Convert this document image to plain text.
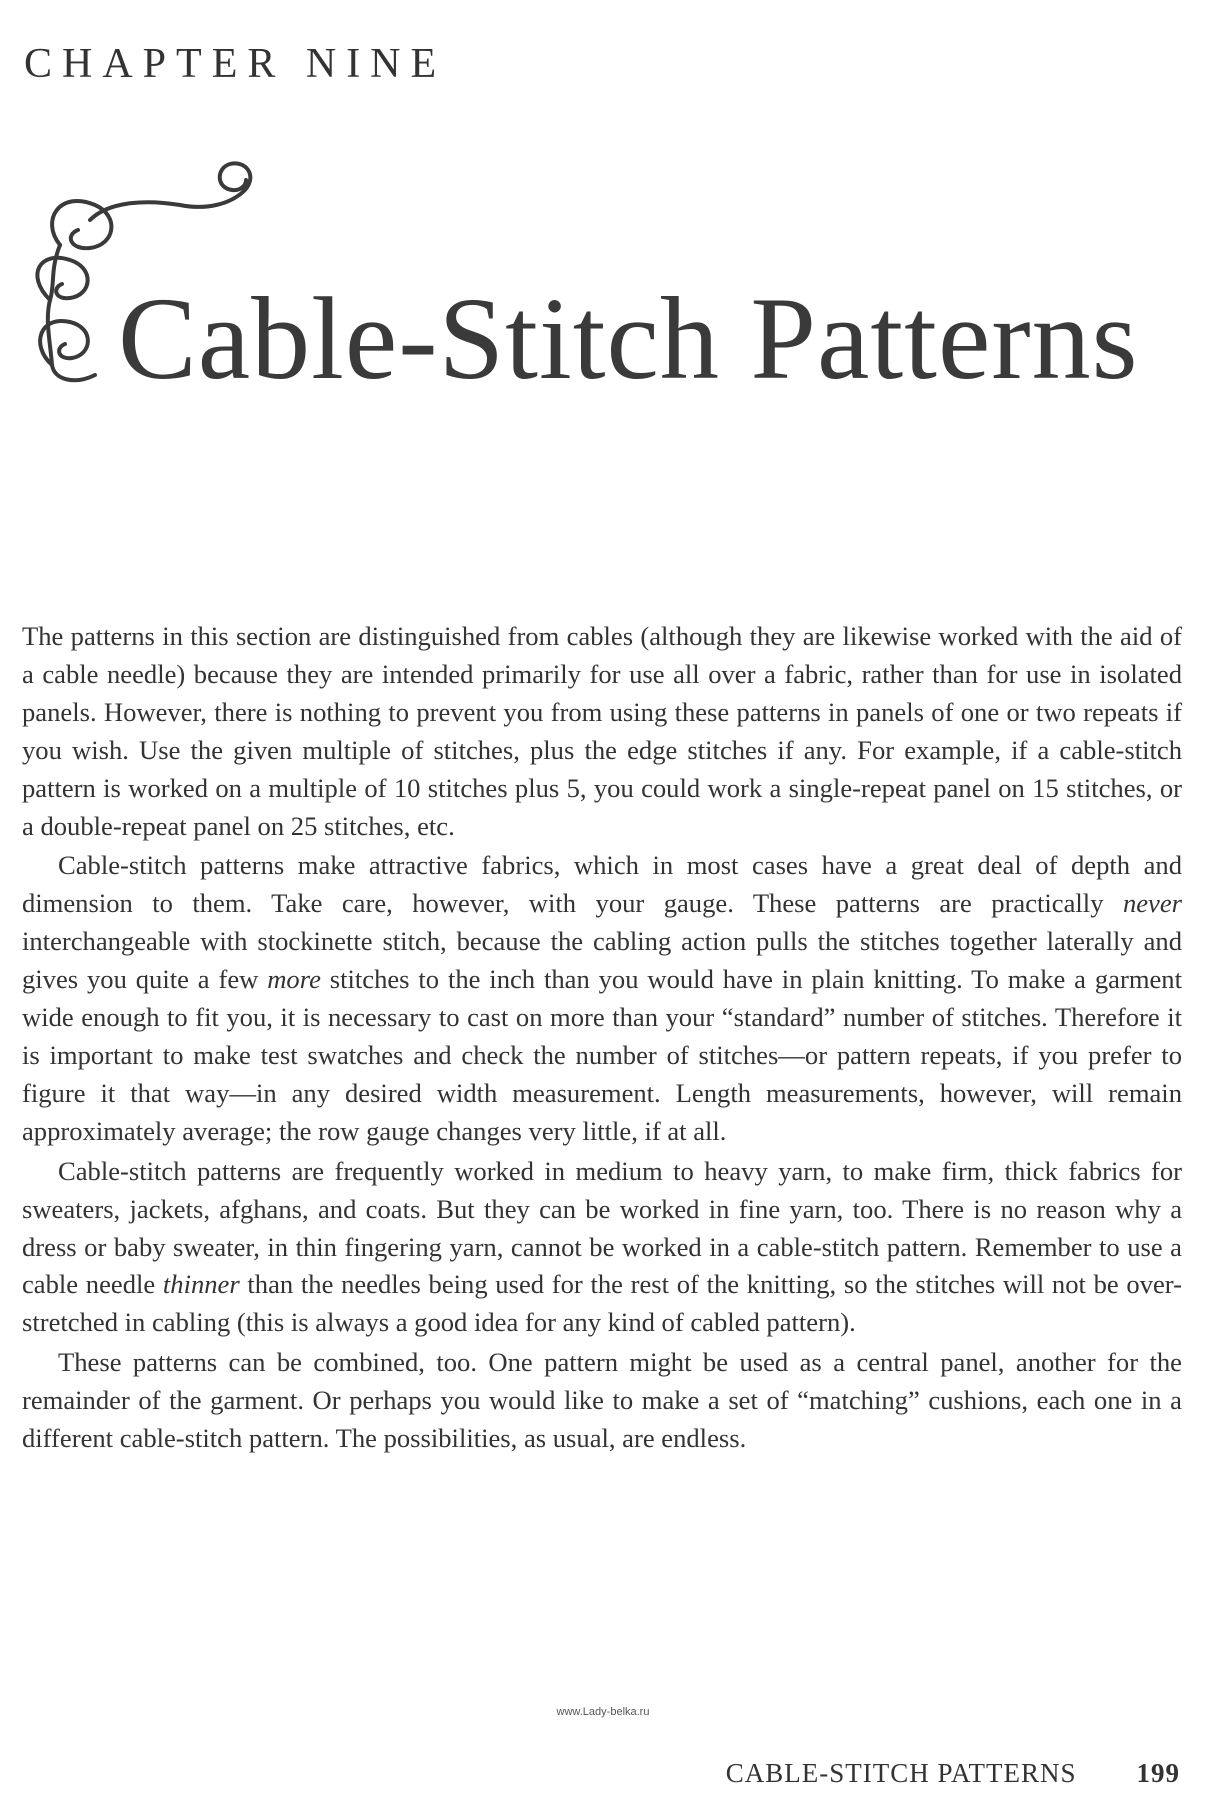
CHAPTER NINE
Cable-Stitch Patterns

The patterns in this section are distinguished from cables (although they are likewise worked with the aid of a cable needle) because they are intended primarily for use all over a fabric, rather than for use in isolated panels. However, there is nothing to prevent you from using these patterns in panels of one or two repeats if you wish. Use the given multiple of stitches, plus the edge stitches if any. For example, if a cable-stitch pattern is worked on a multiple of 10 stitches plus 5, you could work a single-repeat panel on 15 stitches, or a double-repeat panel on 25 stitches, etc.

Cable-stitch patterns make attractive fabrics, which in most cases have a great deal of depth and dimension to them. Take care, however, with your gauge. These patterns are practically never interchangeable with stockinette stitch, because the cabling action pulls the stitches together laterally and gives you quite a few more stitches to the inch than you would have in plain knitting. To make a garment wide enough to fit you, it is necessary to cast on more than your “standard” number of stitches. Therefore it is important to make test swatches and check the number of stitches—or pattern repeats, if you prefer to figure it that way—in any desired width measurement. Length measurements, however, will remain approximately average; the row gauge changes very little, if at all.

Cable-stitch patterns are frequently worked in medium to heavy yarn, to make firm, thick fabrics for sweaters, jackets, afghans, and coats. But they can be worked in fine yarn, too. There is no reason why a dress or baby sweater, in thin fingering yarn, cannot be worked in a cable-stitch pattern. Remember to use a cable needle thinner than the needles being used for the rest of the knitting, so the stitches will not be over-stretched in cabling (this is always a good idea for any kind of cabled pattern).

These patterns can be combined, too. One pattern might be used as a central panel, another for the remainder of the garment. Or perhaps you would like to make a set of “matching” cushions, each one in a different cable-stitch pattern. The possibilities, as usual, are endless.

www.Lady-belka.ru
CABLE-STITCH PATTERNS 199
